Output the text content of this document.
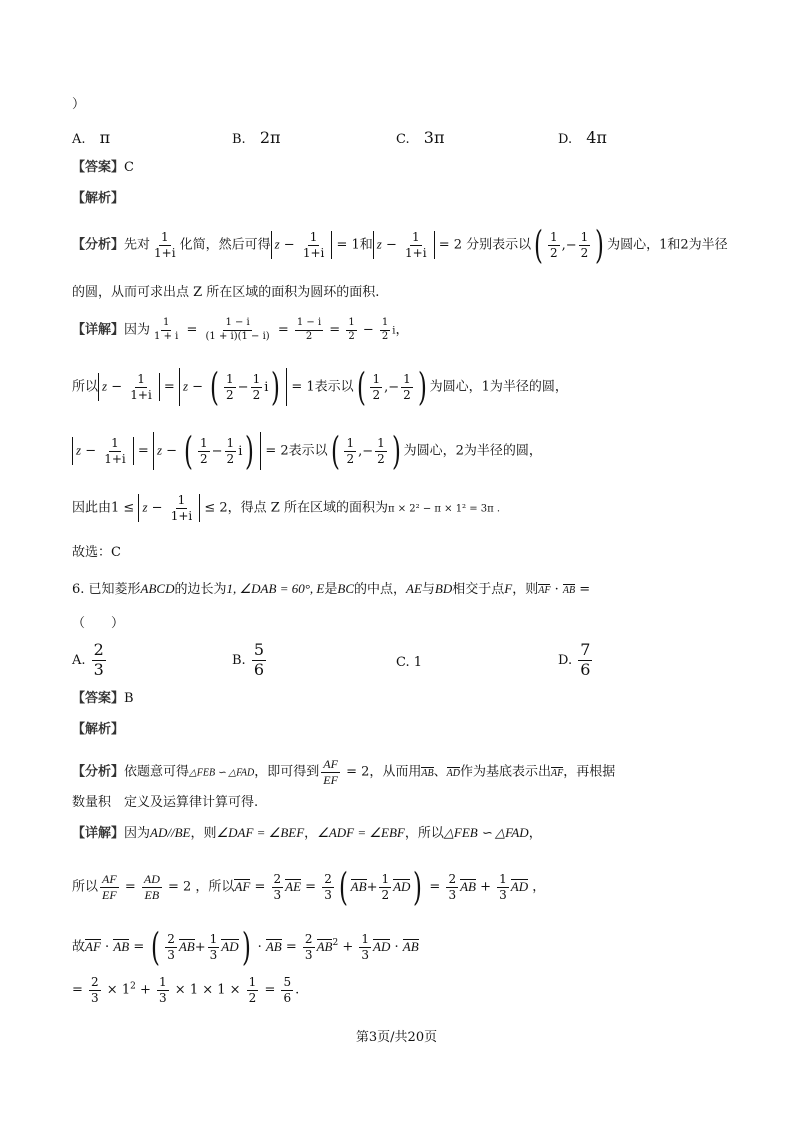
）
A. π	B. 2π	C. 3π	D. 4π
【答案】C
【解析】
【分析】先对 $\frac{1}{1+i}$ 化简，然后可得 $z - \frac{1}{1+i} = 1$和 $z - \frac{1}{1+i} = 2$ 分别表示以 ( $\frac{1}{2}$ ,− $\frac{1}{2}$ ) 为圆心，1和2为半径
的圆，从而可求出点 Z 所在区域的面积为圆环的面积.
【详解】因为 $\frac{1}{1 + i} = \frac{1 - i}{(1 + i)(1 - i)} = \frac{1 - i}{2} = \frac{1}{2} - \frac{1}{2}$ i，
所以 $z - \frac{1}{1+i} = z$ − ( $\frac{1}{2} - \frac{1}{2}$ i ) = 1表示以 ( $\frac{1}{2}$ ,− $\frac{1}{2}$ ) 为圆心，1为半径的圆，
$z - \frac{1}{1+i} = z$ − ( $\frac{1}{2} - \frac{1}{2}$ i ) = 2表示以 ( $\frac{1}{2}$ ,− $\frac{1}{2}$ ) 为圆心，2为半径的圆，
因此由$1 \le z - \frac{1}{1+i} \le 2$，得点 Z 所在区域的面积为π × 2² − π × 1² = 3π .
故选：C
6. 已知菱形ABCD的边长为1, ∠DAB = 60°, E是BC的中点，AE与BD相交于点F，则AF · AB =
（　　）
A. $\frac{2}{3}$	B. $\frac{5}{6}$	C. 1	D. $\frac{7}{6}$
【答案】B
【解析】
【分析】依题意可得△FEB ∽ △FAD，即可得到 $\frac{AF}{EF} = 2$，从而用AB、AD作为基底表示出AF，再根据
数量积　定义及运算律计算可得.
【详解】因为AD//BE，则∠DAF = ∠BEF，∠ADF = ∠EBF，所以△FEB ∽ △FAD，
所以 $\frac{AF}{EF} = \frac{AD}{EB} = 2$ ，所以AF = $\frac{2}{3}$ AE = $\frac{2}{3}$ ( AB + $\frac{1}{2}$ AD ) = $\frac{2}{3}$ AB + $\frac{1}{3}$ AD ，
故AF · AB = ( $\frac{2}{3}$ AB + $\frac{1}{3}$ AD ) · AB = $\frac{2}{3} AB^2 + \frac{1}{3}$ AD · AB
= $\frac{2}{3} \times 1^2 + \frac{1}{3} \times 1 \times 1 \times \frac{1}{2} = \frac{5}{6}$ .
第3页/共20页
